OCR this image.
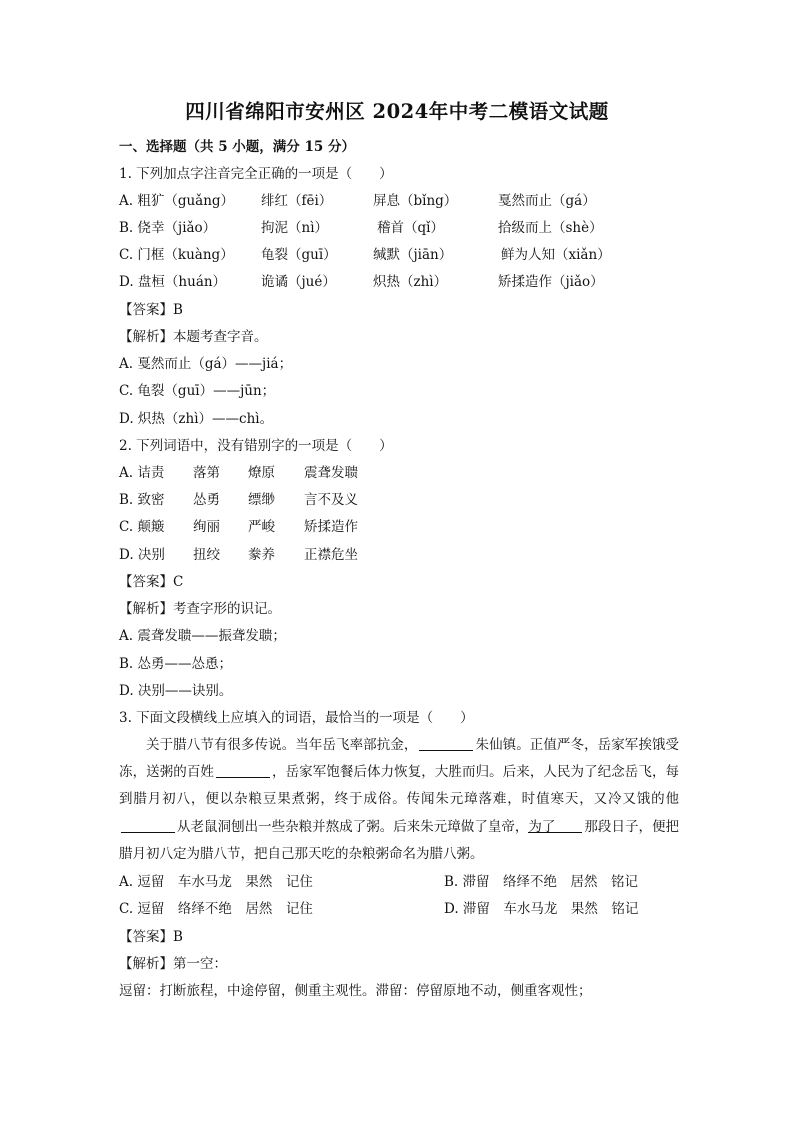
四川省绵阳市安州区 2024年中考二模语文试题
一、选择题（共 5 小题，满分 15 分）
1. 下列加点字注音完全正确的一项是（　　）
A. 粗犷（guǎng） 绯红（fēi）	屏息（bǐng）	戛然而止（gá）
B. 侥幸（jiǎo）	拘泥（nì）	稽首（qǐ）	拾级而上（shè）
C. 门框（kuàng） 龟裂（guī）	缄默（jiān）	鲜为人知（xiǎn）
D. 盘桓（huán）	诡谲（jué）	炽热（zhì）	矫揉造作（jiǎo）
【答案】B
【解析】本题考查字音。
A. 戛然而止（gá）——jiá；
C. 龟裂（guī）——jūn；
D. 炽热（zhì）——chì。
2. 下列词语中，没有错别字的一项是（　　）
A. 诘责 落第 燎原 震聋发聩
B. 致密 怂勇 缥缈 言不及义
C. 颠簸 绚丽 严峻 矫揉造作
D. 决别 扭绞 豢养 正襟危坐
【答案】C
【解析】考查字形的识记。
A. 震聋发聩——振聋发聩；
B. 怂勇——怂恿；
D. 决别——诀别。
3. 下面文段横线上应填入的词语，最恰当的一项是（　　）
关于腊八节有很多传说。当年岳飞率部抗金，	朱仙镇。正值严冬，岳家军挨饿受冻，送粥的百姓	，岳家军饱餐后体力恢复，大胜而归。后来，人民为了纪念岳飞，每到腊月初八，便以杂粮豆果煮粥，终于成俗。传闻朱元璋落难，时值寒天，又冷又饿的他从老鼠洞刨出一些杂粮并熬成了粥。后来朱元璋做了皇帝，为了 那段日子，便把腊月初八定为腊八节，把自己那天吃的杂粮粥命名为腊八粥。
A. 逗留　车水马龙　果然　记住	B. 滞留　络绎不绝　居然　铭记
C. 逗留　络绎不绝　居然　记住	D. 滞留　车水马龙　果然　铭记
【答案】B
【解析】第一空：
逗留：打断旅程，中途停留，侧重主观性。滞留：停留原地不动，侧重客观性；
